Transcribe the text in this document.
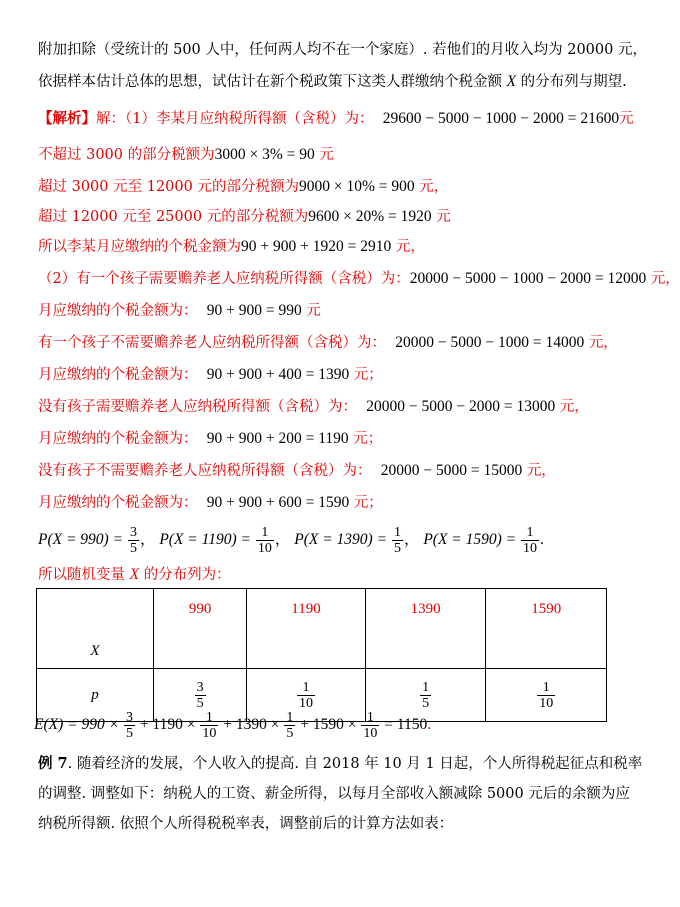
附加扣除（受统计的 500 人中，任何两人均不在一个家庭）. 若他们的月收入均为 20000 元，
依据样本估计总体的思想，试估计在新个税政策下这类人群缴纳个税金额 X 的分布列与期望.
【解析】解：（1）李某月应纳税所得额（含税）为： 29600 − 5000 − 1000 − 2000 = 21600元
不超过 3000 的部分税额为3000 × 3% = 90 元
超过 3000 元至 12000 元的部分税额为9000 × 10% = 900 元，
超过 12000 元至 25000 元的部分税额为9600 × 20% = 1920 元
所以李某月应缴纳的个税金额为90 + 900 + 1920 = 2910 元，
（2）有一个孩子需要赡养老人应纳税所得额（含税）为：20000 − 5000 − 1000 − 2000 = 12000 元，
月应缴纳的个税金额为： 90 + 900 = 990 元
有一个孩子不需要赡养老人应纳税所得额（含税）为： 20000 − 5000 − 1000 = 14000 元，
月应缴纳的个税金额为： 90 + 900 + 400 = 1390 元；
没有孩子需要赡养老人应纳税所得额（含税）为： 20000 − 5000 − 2000 = 13000 元，
月应缴纳的个税金额为： 90 + 900 + 200 = 1190 元；
没有孩子不需要赡养老人应纳税所得额（含税）为： 20000 − 5000 = 15000 元，
月应缴纳的个税金额为： 90 + 900 + 600 = 1590 元；
$P(X = 990) = \frac{3}{5}$ ， $P(X = 1190) = \frac{1}{10}$ ， $P(X = 1390) = \frac{1}{5}$ ， $P(X = 1590) = \frac{1}{10}$ .
所以随机变量 X 的分布列为：
X	990	1190	1390	1590
p	$\frac{3}{5}$	$\frac{1}{10}$	$\frac{1}{5}$	$\frac{1}{10}$
$E(X) = 990 \times \frac{3}{5} + 1190 \times \frac{1}{10} + 1390 \times \frac{1}{5} + 1590 \times \frac{1}{10} = 1150$.
例 7. 随着经济的发展，个人收入的提高. 自 2018 年 10 月 1 日起，个人所得税起征点和税率
的调整. 调整如下：纳税人的工资、薪金所得，以每月全部收入额减除 5000 元后的余额为应
纳税所得额. 依照个人所得税税率表，调整前后的计算方法如表：
